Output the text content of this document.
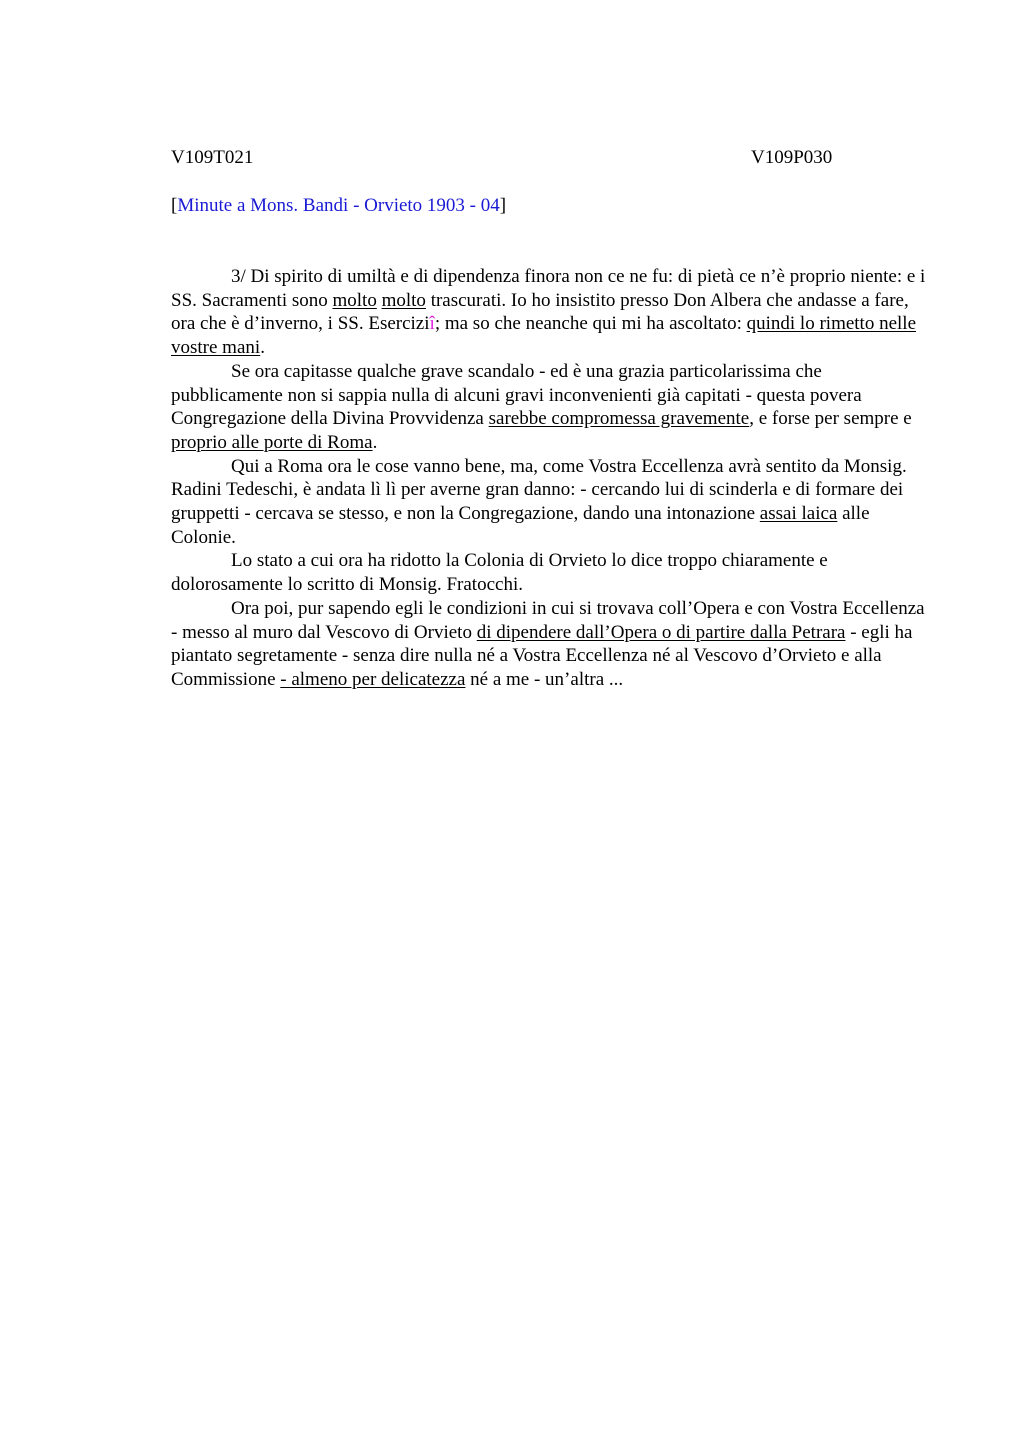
V109T021	V109P030
[Minute a Mons. Bandi - Orvieto 1903 - 04]

3/ Di spirito di umiltà e di dipendenza finora non ce ne fu: di pietà ce n’è proprio niente: e i SS. Sacramenti sono molto molto trascurati. Io ho insistito presso Don Albera che andasse a fare, ora che è d’inverno, i SS. Eserciziî; ma so che neanche qui mi ha ascoltato: quindi lo rimetto nelle vostre mani.

Se ora capitasse qualche grave scandalo - ed è una grazia particolarissima che pubblicamente non si sappia nulla di alcuni gravi inconvenienti già capitati - questa povera Congregazione della Divina Provvidenza sarebbe compromessa gravemente, e forse per sempre e proprio alle porte di Roma.

Qui a Roma ora le cose vanno bene, ma, come Vostra Eccellenza avrà sentito da Monsig. Radini Tedeschi, è andata lì lì per averne gran danno: - cercando lui di scinderla e di formare dei gruppetti - cercava se stesso, e non la Congregazione, dando una intonazione assai laica alle Colonie.

Lo stato a cui ora ha ridotto la Colonia di Orvieto lo dice troppo chiaramente e dolorosamente lo scritto di Monsig. Fratocchi.

Ora poi, pur sapendo egli le condizioni in cui si trovava coll’Opera e con Vostra Eccellenza - messo al muro dal Vescovo di Orvieto di dipendere dall’Opera o di partire dalla Petrara - egli ha piantato segretamente - senza dire nulla né a Vostra Eccellenza né al Vescovo d’Orvieto e alla Commissione - almeno per delicatezza né a me - un’altra ...
